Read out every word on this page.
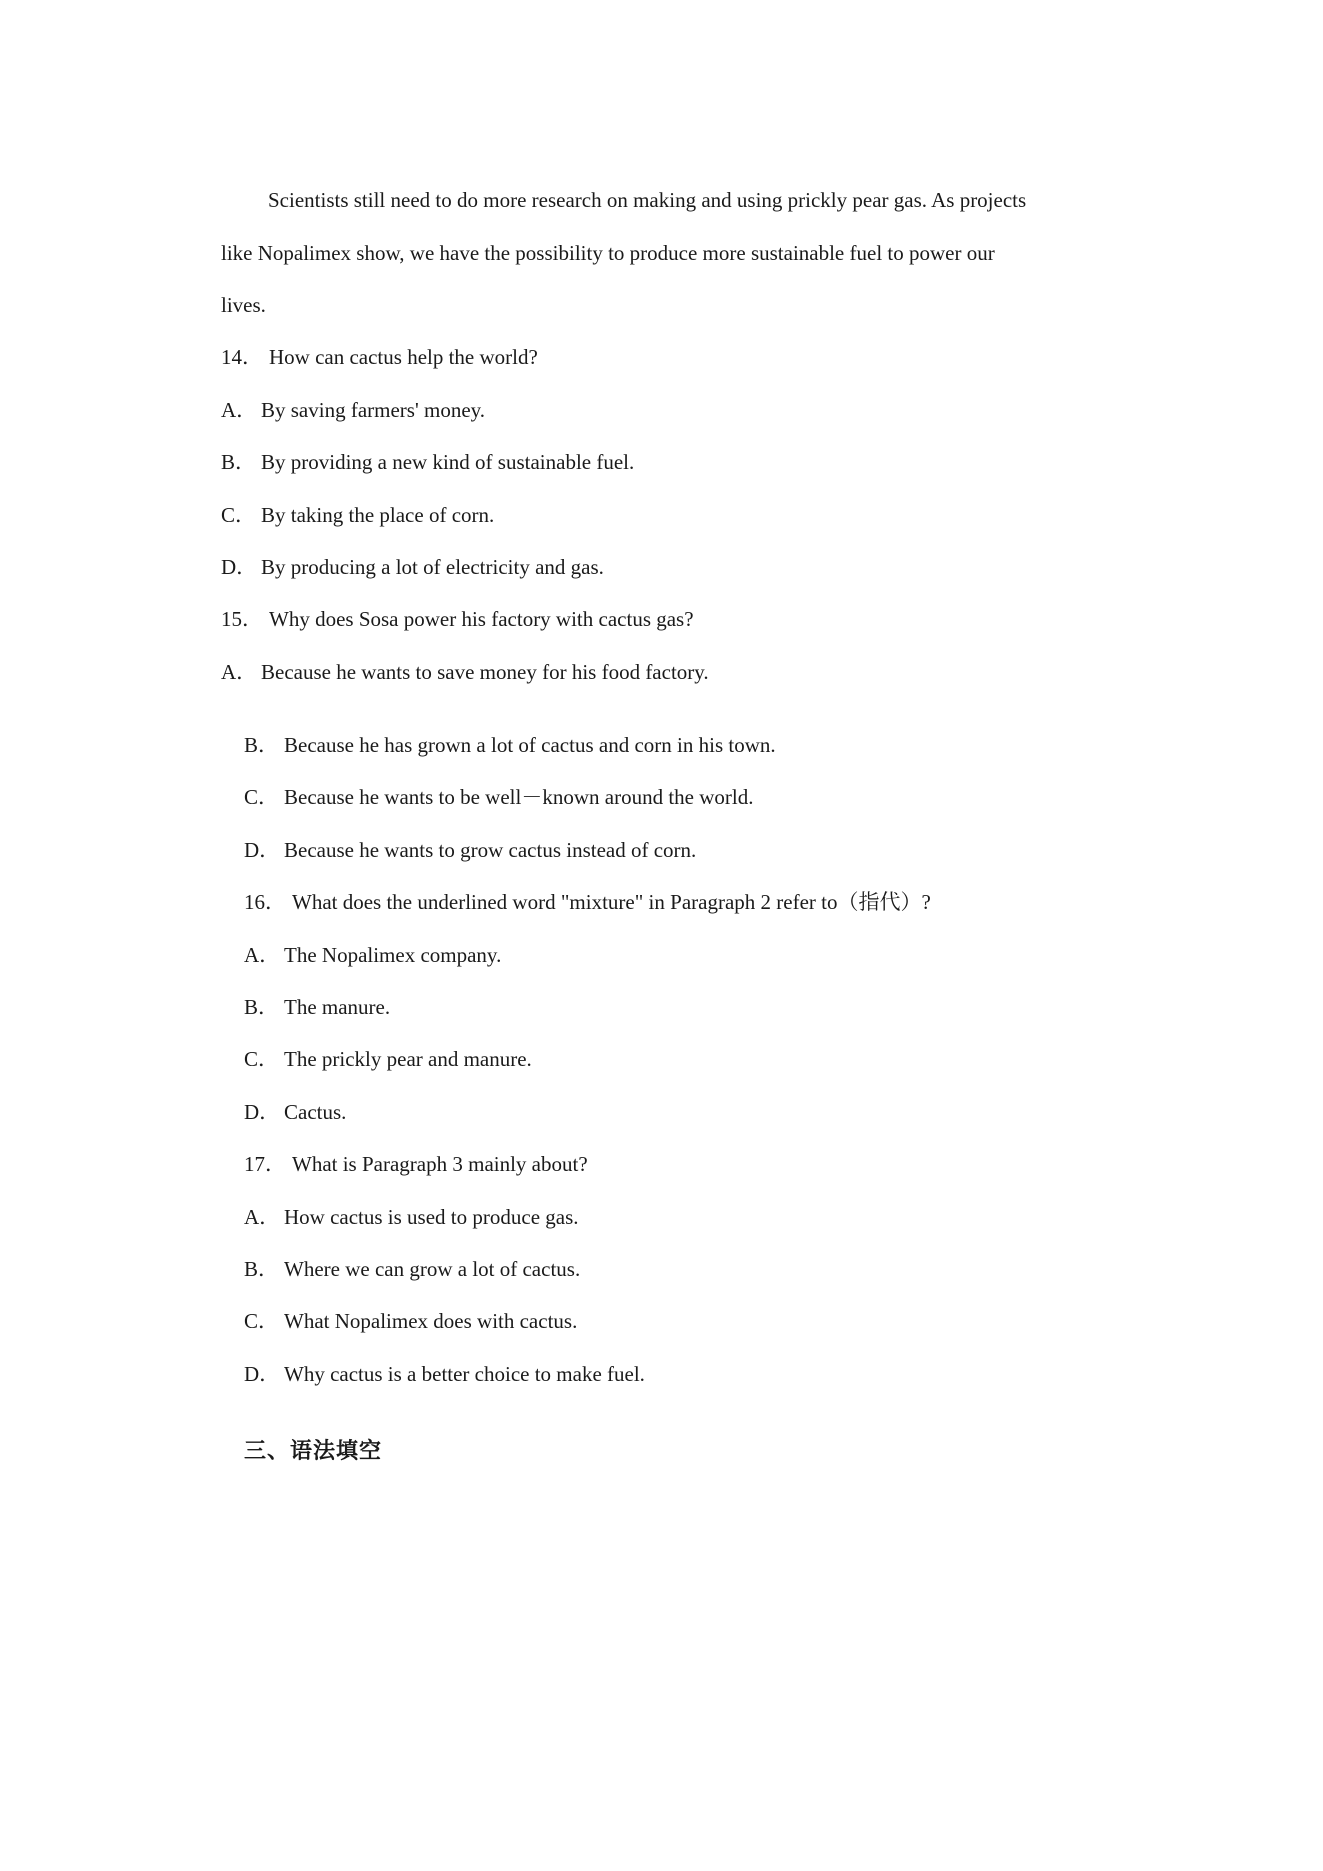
Scientists still need to do more research on making and using prickly pear gas. As projects
like Nopalimex show, we have the possibility to produce more sustainable fuel to power our
lives.
14． How can cactus help the world?
A． By saving farmers' money.
B． By providing a new kind of sustainable fuel.
C． By taking the place of corn.
D． By producing a lot of electricity and gas.
15． Why does Sosa power his factory with cactus gas?
A． Because he wants to save money for his food factory.
B． Because he has grown a lot of cactus and corn in his town.
C． Because he wants to be well－known around the world.
D． Because he wants to grow cactus instead of corn.
16． What does the underlined word "mixture" in Paragraph 2 refer to（指代）?
A． The Nopalimex company.
B． The manure.
C． The prickly pear and manure.
D． Cactus.
17． What is Paragraph 3 mainly about?
A． How cactus is used to produce gas.
B． Where we can grow a lot of cactus.
C． What Nopalimex does with cactus.
D． Why cactus is a better choice to make fuel.
三、语法填空
